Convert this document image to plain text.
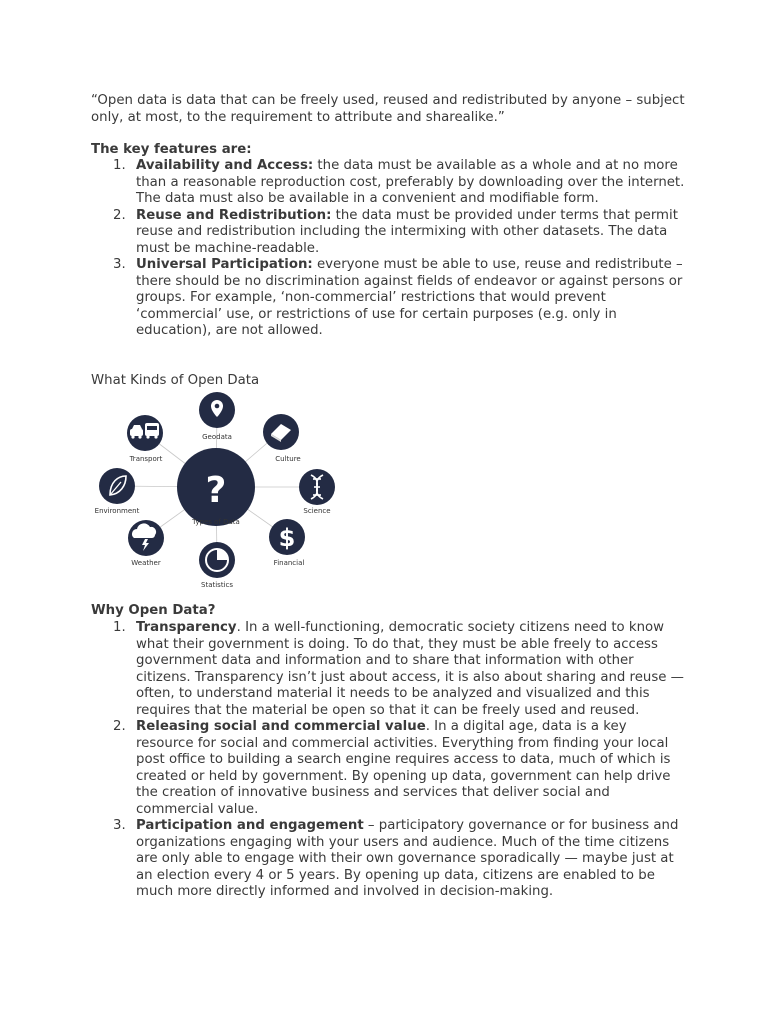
“Open data is data that can be freely used, reused and redistributed by anyone – subject only, at most, to the requirement to attribute and sharealike.”
The key features are:
1. Availability and Access: the data must be available as a whole and at no more than a reasonable reproduction cost, preferably by downloading over the internet. The data must also be available in a convenient and modifiable form.
2. Reuse and Redistribution: the data must be provided under terms that permit reuse and redistribution including the intermixing with other datasets. The data must be machine-readable.
3. Universal Participation: everyone must be able to use, reuse and redistribute – there should be no discrimination against fields of endeavor or against persons or groups. For example, ‘non-commercial’ restrictions that would prevent ‘commercial’ use, or restrictions of use for certain purposes (e.g. only in education), are not allowed.
What Kinds of Open Data
?
Types of Data
Geodata
Culture
Science
$
Financial
Statistics
Weather
Environment
Transport
Why Open Data?
1. Transparency. In a well-functioning, democratic society citizens need to know what their government is doing. To do that, they must be able freely to access government data and information and to share that information with other citizens. Transparency isn’t just about access, it is also about sharing and reuse — often, to understand material it needs to be analyzed and visualized and this requires that the material be open so that it can be freely used and reused.
2. Releasing social and commercial value. In a digital age, data is a key resource for social and commercial activities. Everything from finding your local post office to building a search engine requires access to data, much of which is created or held by government. By opening up data, government can help drive the creation of innovative business and services that deliver social and commercial value.
3. Participation and engagement – participatory governance or for business and organizations engaging with your users and audience. Much of the time citizens are only able to engage with their own governance sporadically — maybe just at an election every 4 or 5 years. By opening up data, citizens are enabled to be much more directly informed and involved in decision-making.
